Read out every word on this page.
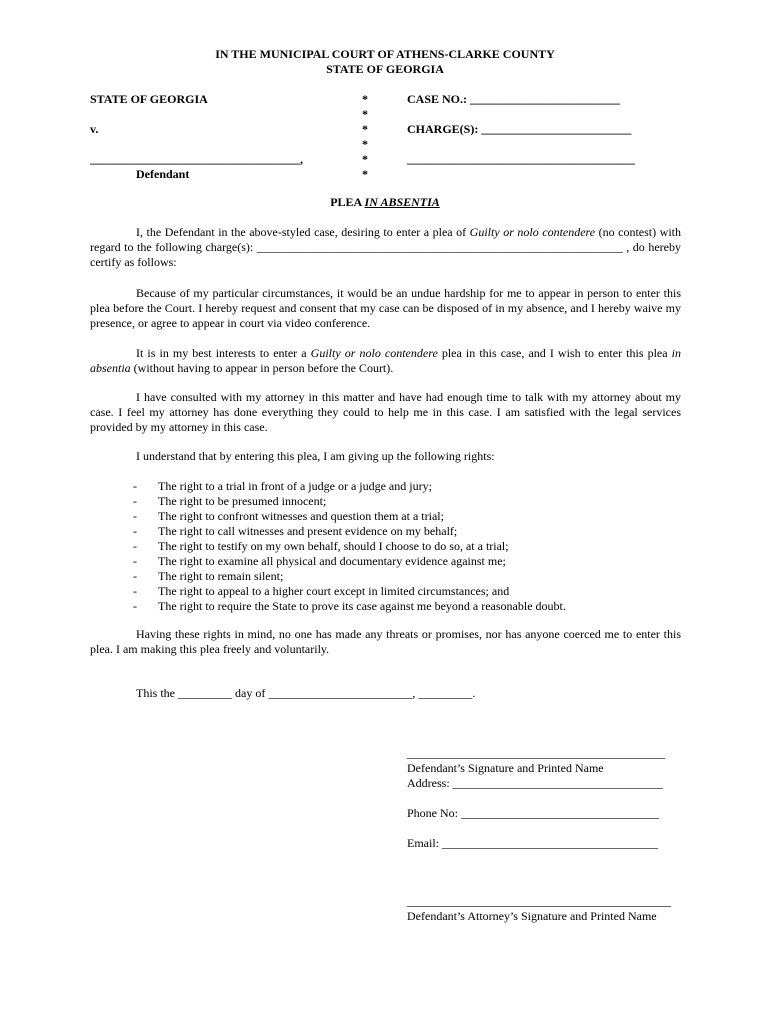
IN THE MUNICIPAL COURT OF ATHENS-CLARKE COUNTY
STATE OF GEORGIA
STATE OF GEORGIA
v.
___________________________________,
Defendant
*
*
*
*
*
*
CASE NO.: _________________________
CHARGE(S): _________________________
______________________________________
PLEA IN ABSENTIA
I, the Defendant in the above-styled case, desiring to enter a plea of Guilty or nolo contendere (no contest) with regard to the following charge(s): _____________________________________________________________ , do hereby certify as follows:
Because of my particular circumstances, it would be an undue hardship for me to appear in person to enter this plea before the Court. I hereby request and consent that my case can be disposed of in my absence, and I hereby waive my presence, or agree to appear in court via video conference.
It is in my best interests to enter a Guilty or nolo contendere plea in this case, and I wish to enter this plea in absentia (without having to appear in person before the Court).
I have consulted with my attorney in this matter and have had enough time to talk with my attorney about my case. I feel my attorney has done everything they could to help me in this case. I am satisfied with the legal services provided by my attorney in this case.
I understand that by entering this plea, I am giving up the following rights:
- The right to a trial in front of a judge or a judge and jury;
- The right to be presumed innocent;
- The right to confront witnesses and question them at a trial;
- The right to call witnesses and present evidence on my behalf;
- The right to testify on my own behalf, should I choose to do so, at a trial;
- The right to examine all physical and documentary evidence against me;
- The right to remain silent;
- The right to appeal to a higher court except in limited circumstances; and
- The right to require the State to prove its case against me beyond a reasonable doubt.
Having these rights in mind, no one has made any threats or promises, nor has anyone coerced me to enter this plea. I am making this plea freely and voluntarily.
This the _________ day of ________________________, _________.
___________________________________________
Defendant’s Signature and Printed Name
Address: ___________________________________
Phone No: _________________________________
Email: ____________________________________
____________________________________________
Defendant’s Attorney’s Signature and Printed Name
